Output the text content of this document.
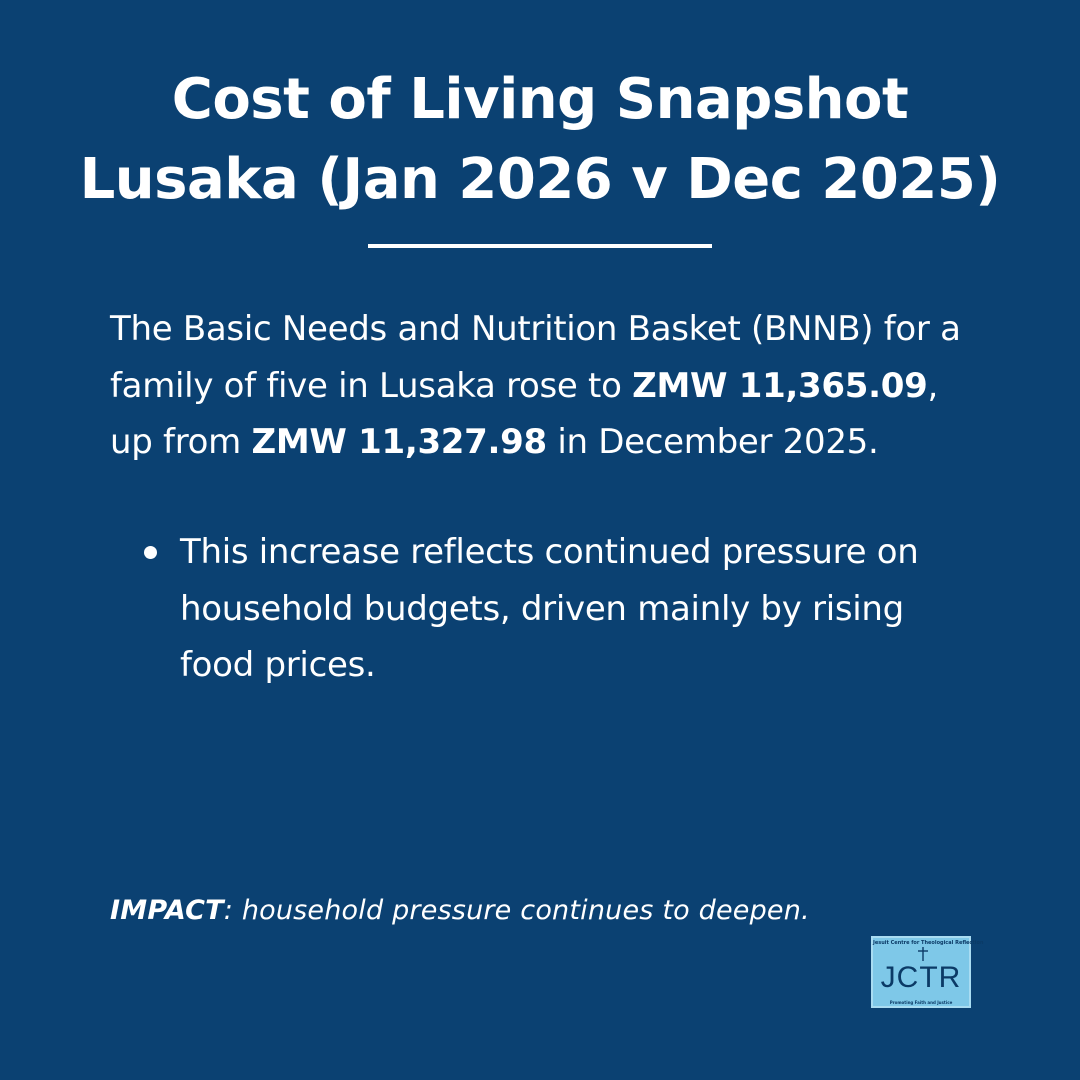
Cost of Living Snapshot
Lusaka (Jan 2026 v Dec 2025)

The Basic Needs and Nutrition Basket (BNNB) for a family of five in Lusaka rose to ZMW 11,365.09, up from ZMW 11,327.98 in December 2025.

This increase reflects continued pressure on household budgets, driven mainly by rising food prices.

IMPACT: household pressure continues to deepen.

Jesuit Centre for Theological Reflection
JCTR
Promoting Faith and Justice
